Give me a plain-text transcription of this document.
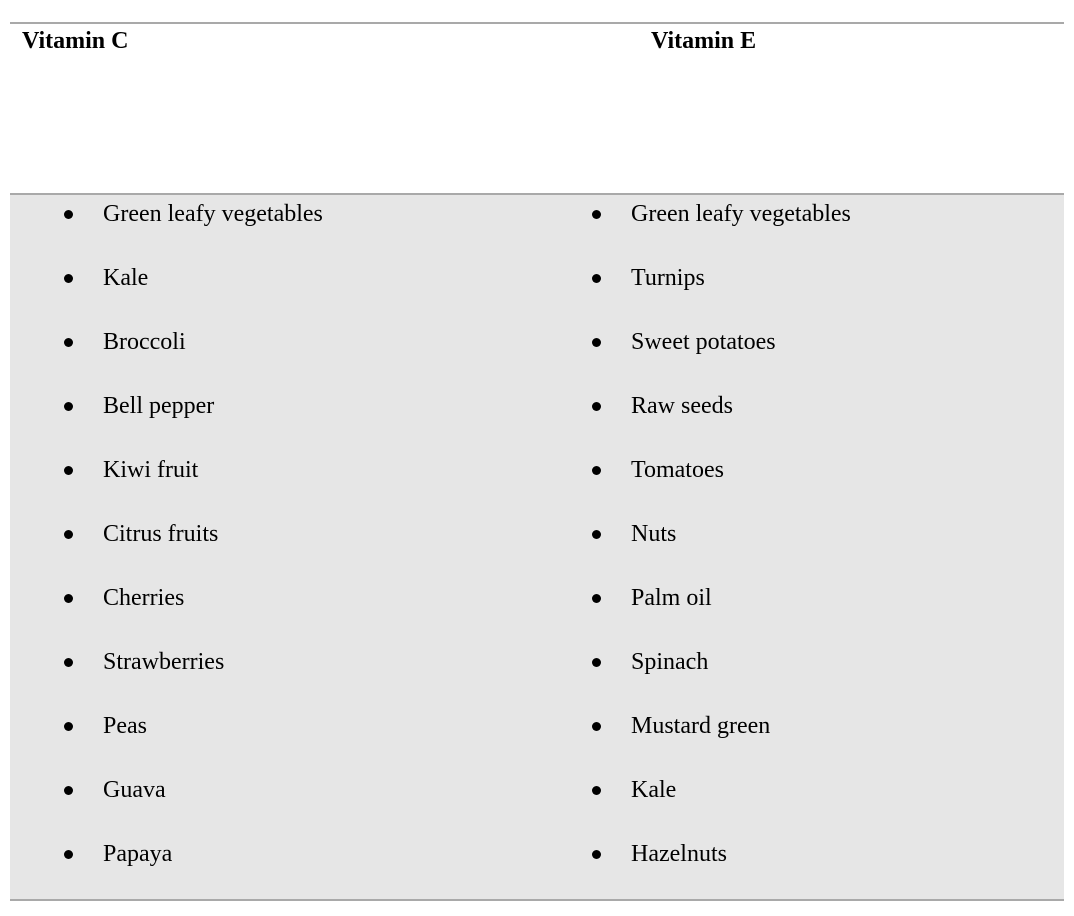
Vitamin C	Vitamin E
Green leafy vegetables
Kale
Broccoli
Bell pepper
Kiwi fruit
Citrus fruits
Cherries
Strawberries
Peas
Guava
Papaya
Green leafy vegetables
Turnips
Sweet potatoes
Raw seeds
Tomatoes
Nuts
Palm oil
Spinach
Mustard green
Kale
Hazelnuts
